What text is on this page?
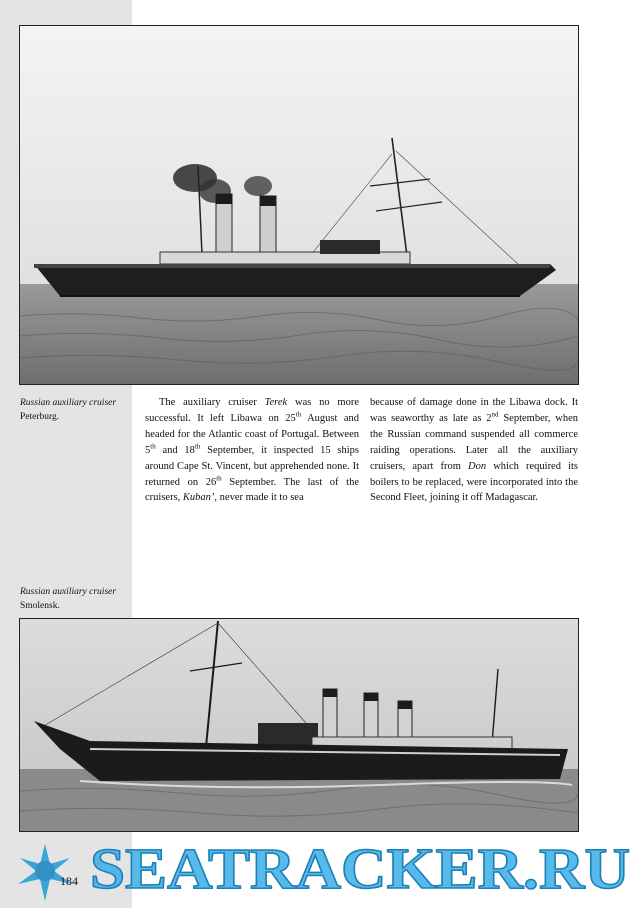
Russian auxiliary cruiser
Peterburg.
The auxiliary cruiser Terek was no more successful. It left Libawa on 25th August and headed for the Atlantic coast of Portugal. Between 5th and 18th September, it inspected 15 ships around Cape St. Vincent, but apprehended none. It returned on 26th September. The last of the cruisers, Kuban’, never made it to sea
because of damage done in the Libawa dock. It was seaworthy as late as 2nd September, when the Russian command suspended all commerce raiding operations. Later all the auxiliary cruisers, apart from Don which required its boilers to be replaced, were incorporated into the Second Fleet, joining it off Madagascar.
Russian auxiliary cruiser
Smolensk.
SEATRACKER.RU
184
